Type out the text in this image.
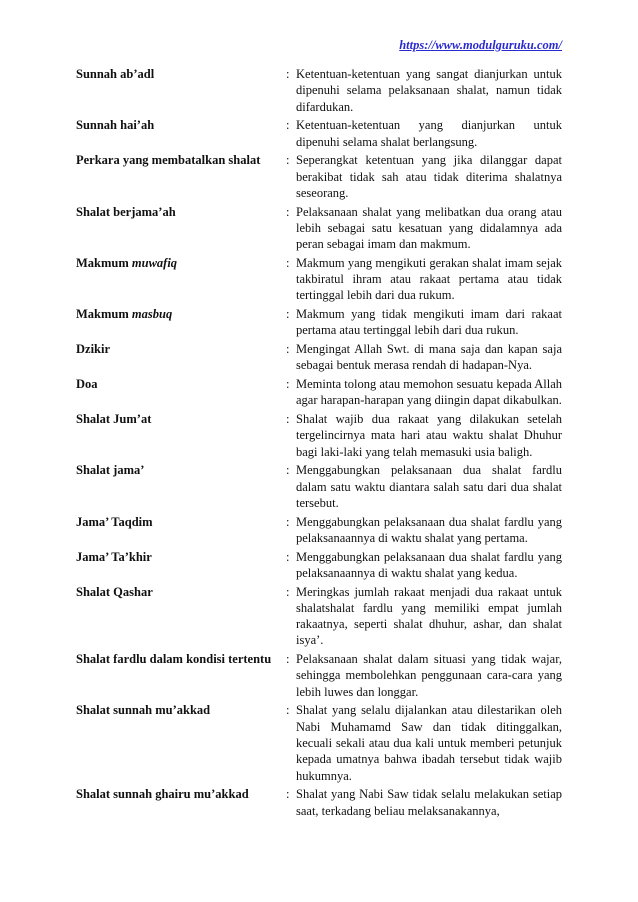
https://www.modulguruku.com/
Sunnah ab’adl	: Ketentuan-ketentuan yang sangat dianjurkan untuk dipenuhi selama pelaksanaan shalat, namun tidak difardukan.
Sunnah hai’ah	: Ketentuan-ketentuan yang dianjurkan untuk dipenuhi selama shalat berlangsung.
Perkara yang membatalkan shalat	: Seperangkat ketentuan yang jika dilanggar dapat berakibat tidak sah atau tidak diterima shalatnya seseorang.
Shalat berjama’ah	: Pelaksanaan shalat yang melibatkan dua orang atau lebih sebagai satu kesatuan yang didalamnya ada peran sebagai imam dan makmum.
Makmum muwafiq	: Makmum yang mengikuti gerakan shalat imam sejak takbiratul ihram atau rakaat pertama atau tidak tertinggal lebih dari dua rukum.
Makmum masbuq	: Makmum yang tidak mengikuti imam dari rakaat pertama atau tertinggal lebih dari dua rukun.
Dzikir	: Mengingat Allah Swt. di mana saja dan kapan saja sebagai bentuk merasa rendah di hadapan-Nya.
Doa	: Meminta tolong atau memohon sesuatu kepada Allah agar harapan-harapan yang diingin dapat dikabulkan.
Shalat Jum’at	: Shalat wajib dua rakaat yang dilakukan setelah tergelincirnya mata hari atau waktu shalat Dhuhur bagi laki-laki yang telah memasuki usia baligh.
Shalat jama’	: Menggabungkan pelaksanaan dua shalat fardlu dalam satu waktu diantara salah satu dari dua shalat tersebut.
Jama’ Taqdim	: Menggabungkan pelaksanaan dua shalat fardlu yang pelaksanaannya di waktu shalat yang pertama.
Jama’ Ta’khir	: Menggabungkan pelaksanaan dua shalat fardlu yang pelaksanaannya di waktu shalat yang kedua.
Shalat Qashar	: Meringkas jumlah rakaat menjadi dua rakaat untuk shalatshalat fardlu yang memiliki empat jumlah rakaatnya, seperti shalat dhuhur, ashar, dan shalat isya’.
Shalat fardlu dalam kondisi tertentu	: Pelaksanaan shalat dalam situasi yang tidak wajar, sehingga membolehkan penggunaan cara-cara yang lebih luwes dan longgar.
Shalat sunnah mu’akkad	: Shalat yang selalu dijalankan atau dilestarikan oleh Nabi Muhamamd Saw dan tidak ditinggalkan, kecuali sekali atau dua kali untuk memberi petunjuk kepada umatnya bahwa ibadah tersebut tidak wajib hukumnya.
Shalat sunnah ghairu mu’akkad	: Shalat yang Nabi Saw tidak selalu melakukan setiap saat, terkadang beliau melaksanakannya,
